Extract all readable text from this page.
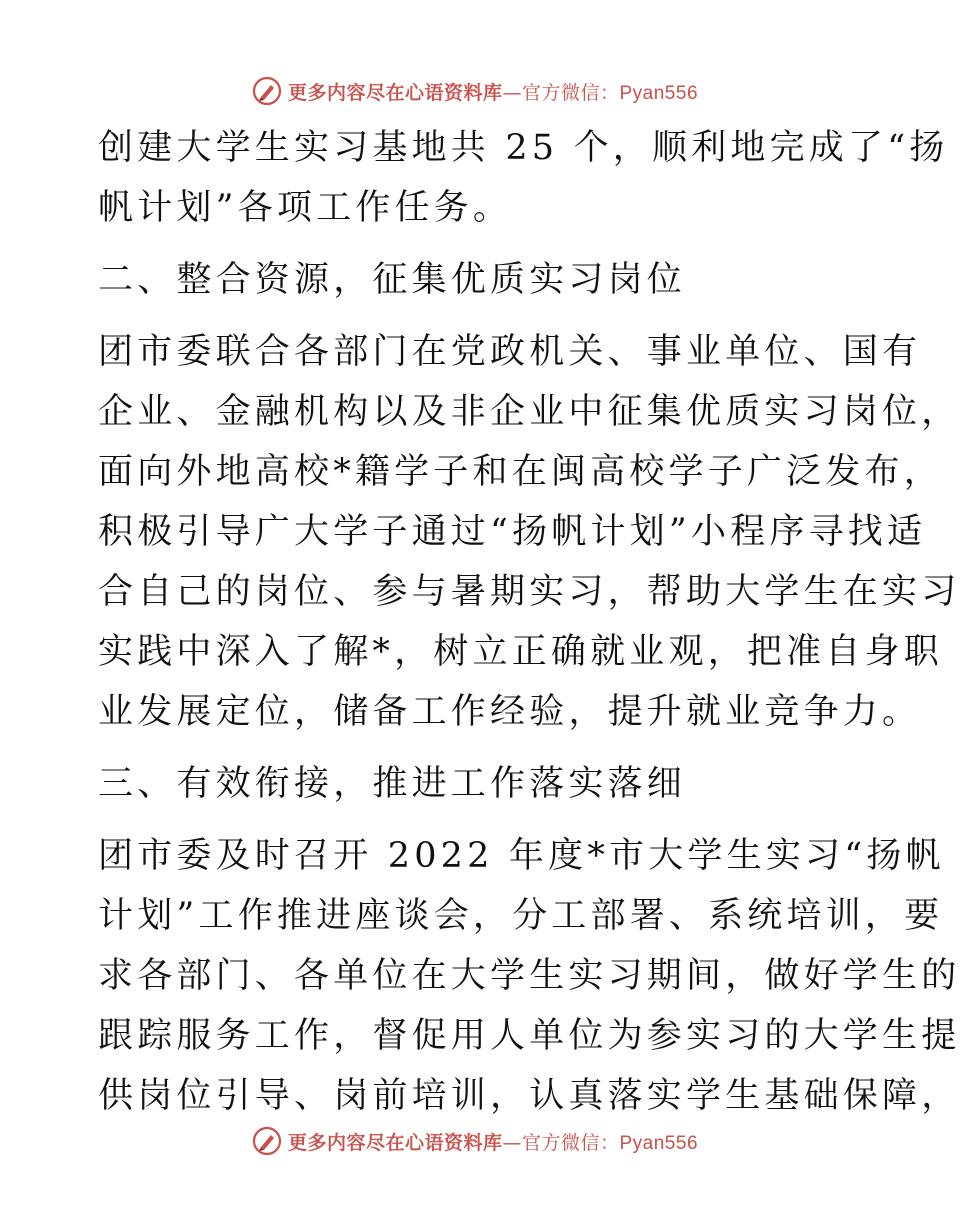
更多内容尽在心语资料库—官方微信：Pyan556
创建大学生实习基地共 25 个，顺利地完成了“扬
帆计划”各项工作任务。
二、整合资源，征集优质实习岗位
团市委联合各部门在党政机关、事业单位、国有
企业、金融机构以及非企业中征集优质实习岗位，
面向外地高校*籍学子和在闽高校学子广泛发布，
积极引导广大学子通过“扬帆计划”小程序寻找适
合自己的岗位、参与暑期实习，帮助大学生在实习
实践中深入了解*，树立正确就业观，把准自身职
业发展定位，储备工作经验，提升就业竞争力。
三、有效衔接，推进工作落实落细
团市委及时召开 2022 年度*市大学生实习“扬帆
计划”工作推进座谈会，分工部署、系统培训，要
求各部门、各单位在大学生实习期间，做好学生的
跟踪服务工作，督促用人单位为参实习的大学生提
供岗位引导、岗前培训，认真落实学生基础保障，
更多内容尽在心语资料库—官方微信：Pyan556
